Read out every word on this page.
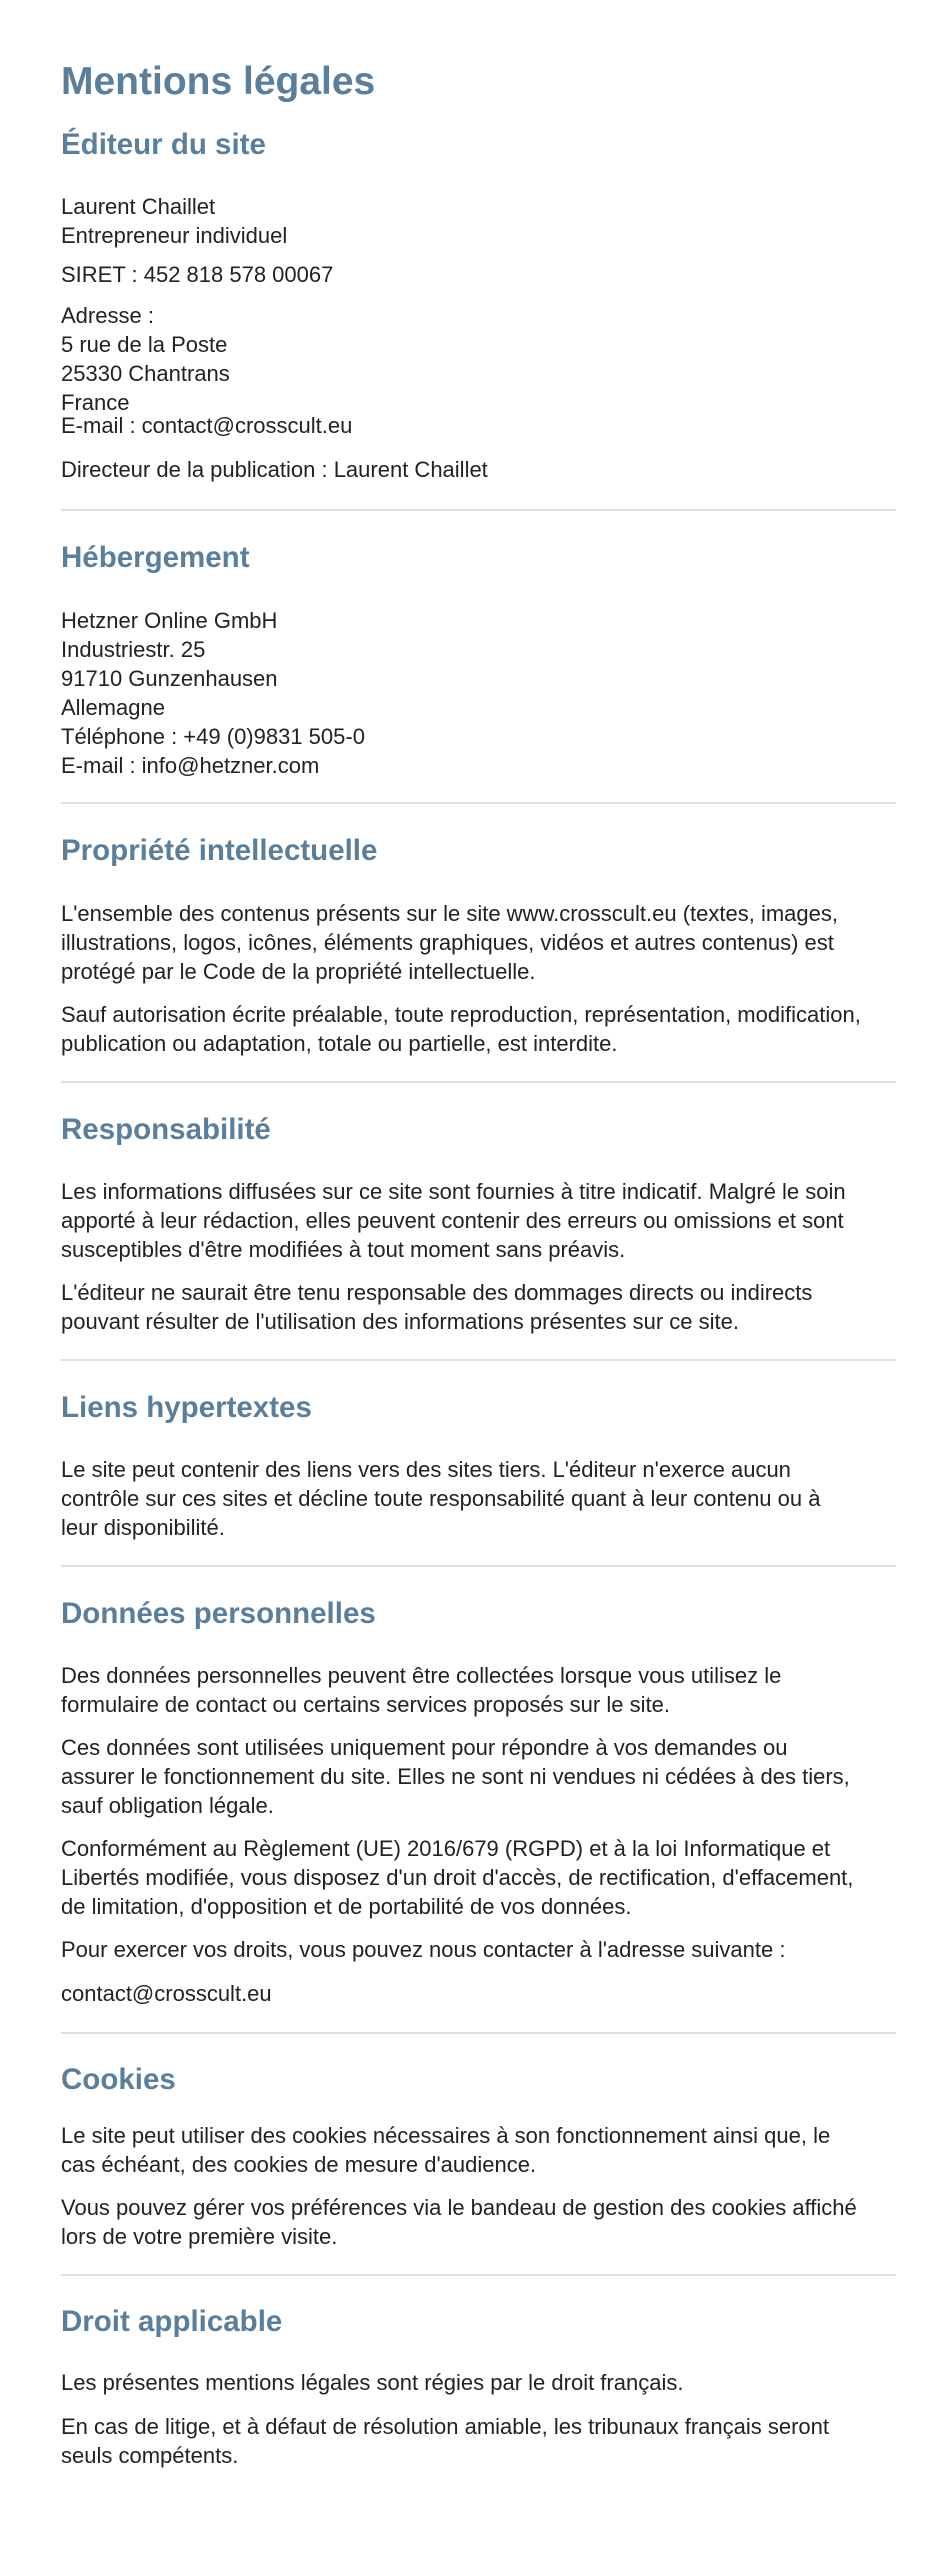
Mentions légales
Éditeur du site

Laurent Chaillet
Entrepreneur individuel

SIRET : 452 818 578 00067

Adresse :
5 rue de la Poste
25330 Chantrans
France

E-mail : contact@crosscult.eu

Directeur de la publication : Laurent Chaillet

Hébergement

Hetzner Online GmbH
Industriestr. 25
91710 Gunzenhausen
Allemagne

Téléphone : +49 (0)9831 505-0
E-mail : info@hetzner.com

Propriété intellectuelle

L'ensemble des contenus présents sur le site www.crosscult.eu (textes, images,
illustrations, logos, icônes, éléments graphiques, vidéos et autres contenus) est
protégé par le Code de la propriété intellectuelle.

Sauf autorisation écrite préalable, toute reproduction, représentation, modification,
publication ou adaptation, totale ou partielle, est interdite.

Responsabilité

Les informations diffusées sur ce site sont fournies à titre indicatif. Malgré le soin
apporté à leur rédaction, elles peuvent contenir des erreurs ou omissions et sont
susceptibles d'être modifiées à tout moment sans préavis.

L'éditeur ne saurait être tenu responsable des dommages directs ou indirects
pouvant résulter de l'utilisation des informations présentes sur ce site.

Liens hypertextes

Le site peut contenir des liens vers des sites tiers. L'éditeur n'exerce aucun
contrôle sur ces sites et décline toute responsabilité quant à leur contenu ou à
leur disponibilité.

Données personnelles

Des données personnelles peuvent être collectées lorsque vous utilisez le
formulaire de contact ou certains services proposés sur le site.

Ces données sont utilisées uniquement pour répondre à vos demandes ou
assurer le fonctionnement du site. Elles ne sont ni vendues ni cédées à des tiers,
sauf obligation légale.

Conformément au Règlement (UE) 2016/679 (RGPD) et à la loi Informatique et
Libertés modifiée, vous disposez d'un droit d'accès, de rectification, d'effacement,
de limitation, d'opposition et de portabilité de vos données.

Pour exercer vos droits, vous pouvez nous contacter à l'adresse suivante :

contact@crosscult.eu

Cookies

Le site peut utiliser des cookies nécessaires à son fonctionnement ainsi que, le
cas échéant, des cookies de mesure d'audience.

Vous pouvez gérer vos préférences via le bandeau de gestion des cookies affiché
lors de votre première visite.

Droit applicable

Les présentes mentions légales sont régies par le droit français.

En cas de litige, et à défaut de résolution amiable, les tribunaux français seront
seuls compétents.
